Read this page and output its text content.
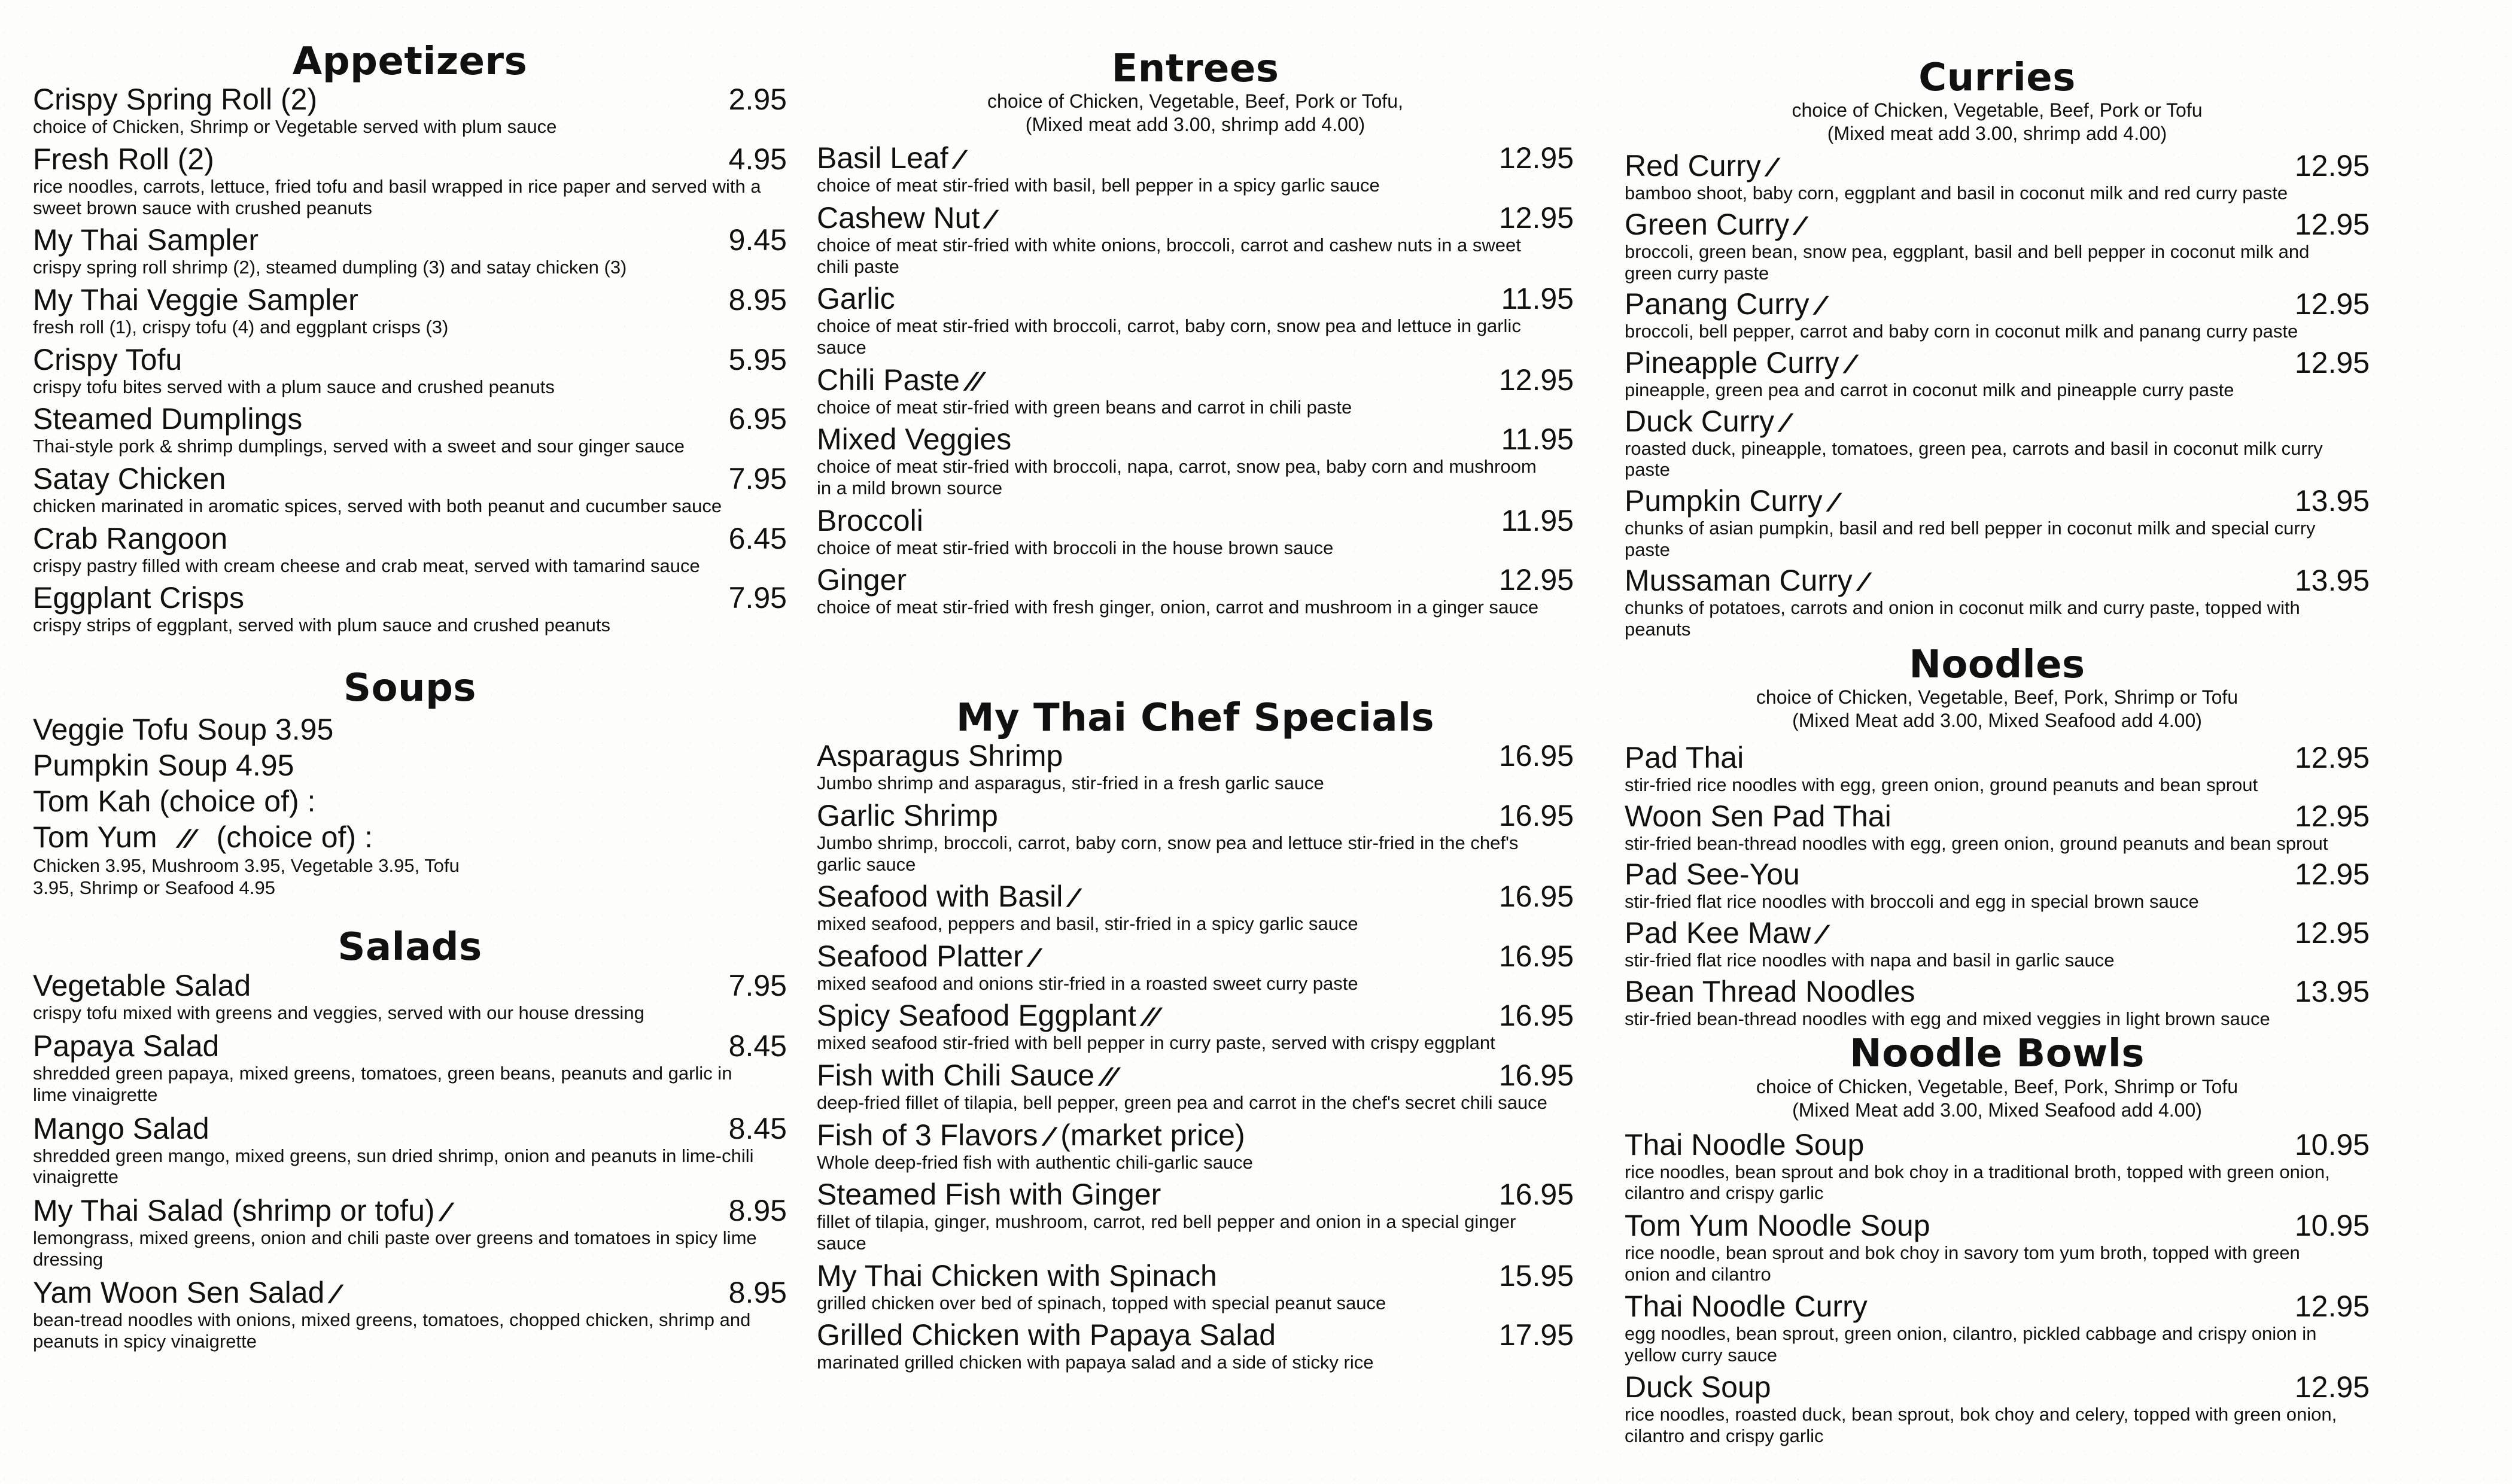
Appetizers
Crispy Spring Roll (2)	2.95
choice of Chicken, Shrimp or Vegetable served with plum sauce
Fresh Roll (2)	4.95
rice noodles, carrots, lettuce, fried tofu and basil wrapped in rice paper and served with a sweet brown sauce with crushed peanuts
My Thai Sampler	9.45
crispy spring roll shrimp (2), steamed dumpling (3) and satay chicken (3)
My Thai Veggie Sampler	8.95
fresh roll (1), crispy tofu (4) and eggplant crisps (3)
Crispy Tofu	5.95
crispy tofu bites served with a plum sauce and crushed peanuts
Steamed Dumplings	6.95
Thai-style pork & shrimp dumplings, served with a sweet and sour ginger sauce
Satay Chicken	7.95
chicken marinated in aromatic spices, served with both peanut and cucumber sauce
Crab Rangoon	6.45
crispy pastry filled with cream cheese and crab meat, served with tamarind sauce
Eggplant Crisps	7.95
crispy strips of eggplant, served with plum sauce and crushed peanuts
Soups
Veggie Tofu Soup 3.95
Pumpkin Soup 4.95
Tom Kah (choice of) :
Tom Yum // (choice of) :
Chicken 3.95, Mushroom 3.95, Vegetable 3.95, Tofu 3.95, Shrimp or Seafood 4.95
Salads
Vegetable Salad	7.95
crispy tofu mixed with greens and veggies, served with our house dressing
Papaya Salad	8.45
shredded green papaya, mixed greens, tomatoes, green beans, peanuts and garlic in lime vinaigrette
Mango Salad	8.45
shredded green mango, mixed greens, sun dried shrimp, onion and peanuts in lime-chili vinaigrette
My Thai Salad (shrimp or tofu) /	8.95
lemongrass, mixed greens, onion and chili paste over greens and tomatoes in spicy lime dressing
Yam Woon Sen Salad /	8.95
bean-tread noodles with onions, mixed greens, tomatoes, chopped chicken, shrimp and peanuts in spicy vinaigrette
Entrees
choice of Chicken, Vegetable, Beef, Pork or Tofu,
(Mixed meat add 3.00, shrimp add 4.00)
Basil Leaf /	12.95
choice of meat stir-fried with basil, bell pepper in a spicy garlic sauce
Cashew Nut /	12.95
choice of meat stir-fried with white onions, broccoli, carrot and cashew nuts in a sweet chili paste
Garlic	11.95
choice of meat stir-fried with broccoli, carrot, baby corn, snow pea and lettuce in garlic sauce
Chili Paste //	12.95
choice of meat stir-fried with green beans and carrot in chili paste
Mixed Veggies	11.95
choice of meat stir-fried with broccoli, napa, carrot, snow pea, baby corn and mushroom in a mild brown source
Broccoli	11.95
choice of meat stir-fried with broccoli in the house brown sauce
Ginger	12.95
choice of meat stir-fried with fresh ginger, onion, carrot and mushroom in a ginger sauce
My Thai Chef Specials
Asparagus Shrimp	16.95
Jumbo shrimp and asparagus, stir-fried in a fresh garlic sauce
Garlic Shrimp	16.95
Jumbo shrimp, broccoli, carrot, baby corn, snow pea and lettuce stir-fried in the chef's garlic sauce
Seafood with Basil /	16.95
mixed seafood, peppers and basil, stir-fried in a spicy garlic sauce
Seafood Platter /	16.95
mixed seafood and onions stir-fried in a roasted sweet curry paste
Spicy Seafood Eggplant //	16.95
mixed seafood stir-fried with bell pepper in curry paste, served with crispy eggplant
Fish with Chili Sauce //	16.95
deep-fried fillet of tilapia, bell pepper, green pea and carrot in the chef's secret chili sauce
Fish of 3 Flavors / (market price)
Whole deep-fried fish with authentic chili-garlic sauce
Steamed Fish with Ginger	16.95
fillet of tilapia, ginger, mushroom, carrot, red bell pepper and onion in a special ginger sauce
My Thai Chicken with Spinach	15.95
grilled chicken over bed of spinach, topped with special peanut sauce
Grilled Chicken with Papaya Salad	17.95
marinated grilled chicken with papaya salad and a side of sticky rice
Curries
choice of Chicken, Vegetable, Beef, Pork or Tofu
(Mixed meat add 3.00, shrimp add 4.00)
Red Curry /	12.95
bamboo shoot, baby corn, eggplant and basil in coconut milk and red curry paste
Green Curry /	12.95
broccoli, green bean, snow pea, eggplant, basil and bell pepper in coconut milk and green curry paste
Panang Curry /	12.95
broccoli, bell pepper, carrot and baby corn in coconut milk and panang curry paste
Pineapple Curry /	12.95
pineapple, green pea and carrot in coconut milk and pineapple curry paste
Duck Curry /
roasted duck, pineapple, tomatoes, green pea, carrots and basil in coconut milk curry paste
Pumpkin Curry /	13.95
chunks of asian pumpkin, basil and red bell pepper in coconut milk and special curry paste
Mussaman Curry /	13.95
chunks of potatoes, carrots and onion in coconut milk and curry paste, topped with peanuts
Noodles
choice of Chicken, Vegetable, Beef, Pork, Shrimp or Tofu
(Mixed Meat add 3.00, Mixed Seafood add 4.00)
Pad Thai	12.95
stir-fried rice noodles with egg, green onion, ground peanuts and bean sprout
Woon Sen Pad Thai	12.95
stir-fried bean-thread noodles with egg, green onion, ground peanuts and bean sprout
Pad See-You	12.95
stir-fried flat rice noodles with broccoli and egg in special brown sauce
Pad Kee Maw /	12.95
stir-fried flat rice noodles with napa and basil in garlic sauce
Bean Thread Noodles	13.95
stir-fried bean-thread noodles with egg and mixed veggies in light brown sauce
Noodle Bowls
choice of Chicken, Vegetable, Beef, Pork, Shrimp or Tofu
(Mixed Meat add 3.00, Mixed Seafood add 4.00)
Thai Noodle Soup	10.95
rice noodles, bean sprout and bok choy in a traditional broth, topped with green onion, cilantro and crispy garlic
Tom Yum Noodle Soup	10.95
rice noodle, bean sprout and bok choy in savory tom yum broth, topped with green onion and cilantro
Thai Noodle Curry	12.95
egg noodles, bean sprout, green onion, cilantro, pickled cabbage and crispy onion in yellow curry sauce
Duck Soup	12.95
rice noodles, roasted duck, bean sprout, bok choy and celery, topped with green onion, cilantro and crispy garlic
